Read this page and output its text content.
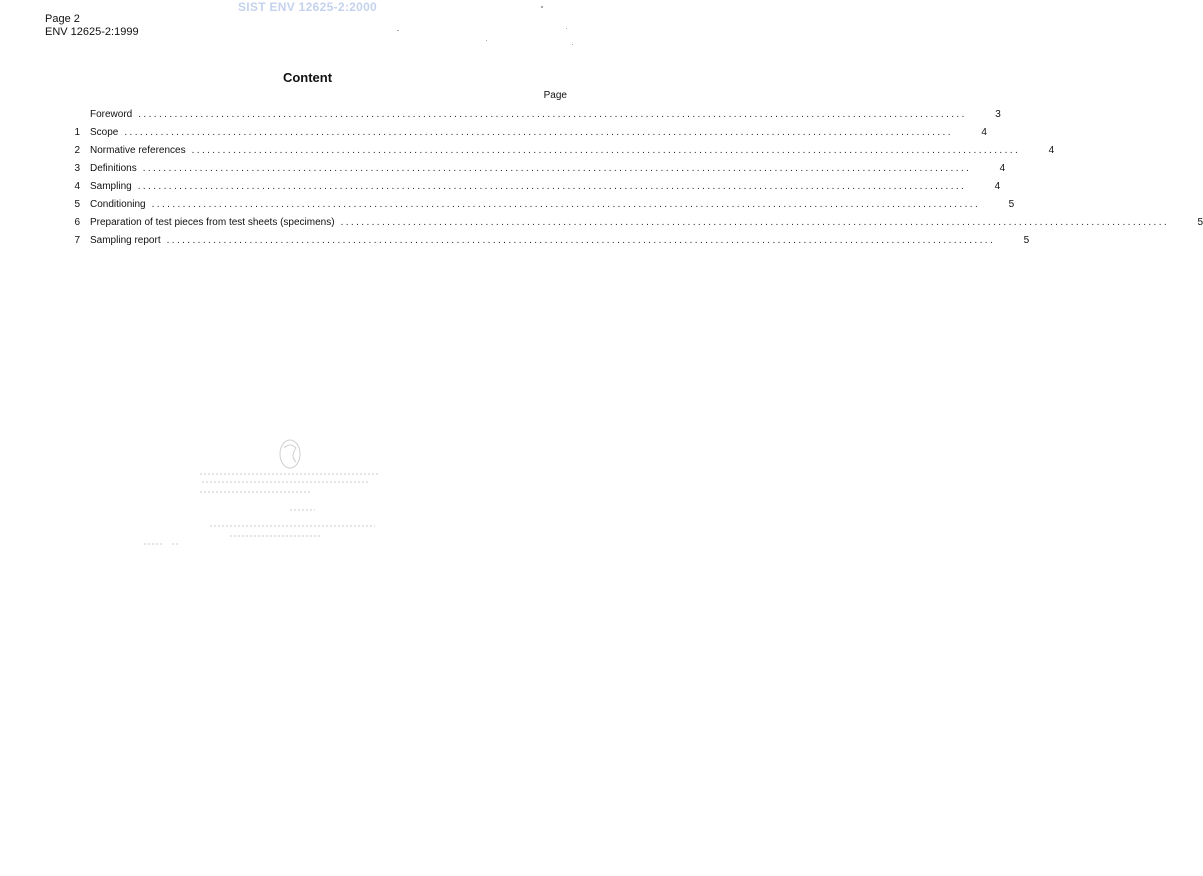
SIST ENV 12625-2:2000
Page 2
ENV 12625-2:1999
Content
Page
Foreword ................................................................................................................................................................	3
1 Scope ................................................................................................................................................................	4
2 Normative references ................................................................................................................................................................	4
3 Definitions ................................................................................................................................................................	4
4 Sampling ................................................................................................................................................................	4
5 Conditioning ................................................................................................................................................................	5
6 Preparation of test pieces from test sheets (specimens) ................................................................................................................................................................	5
7 Sampling report ................................................................................................................................................................	5
